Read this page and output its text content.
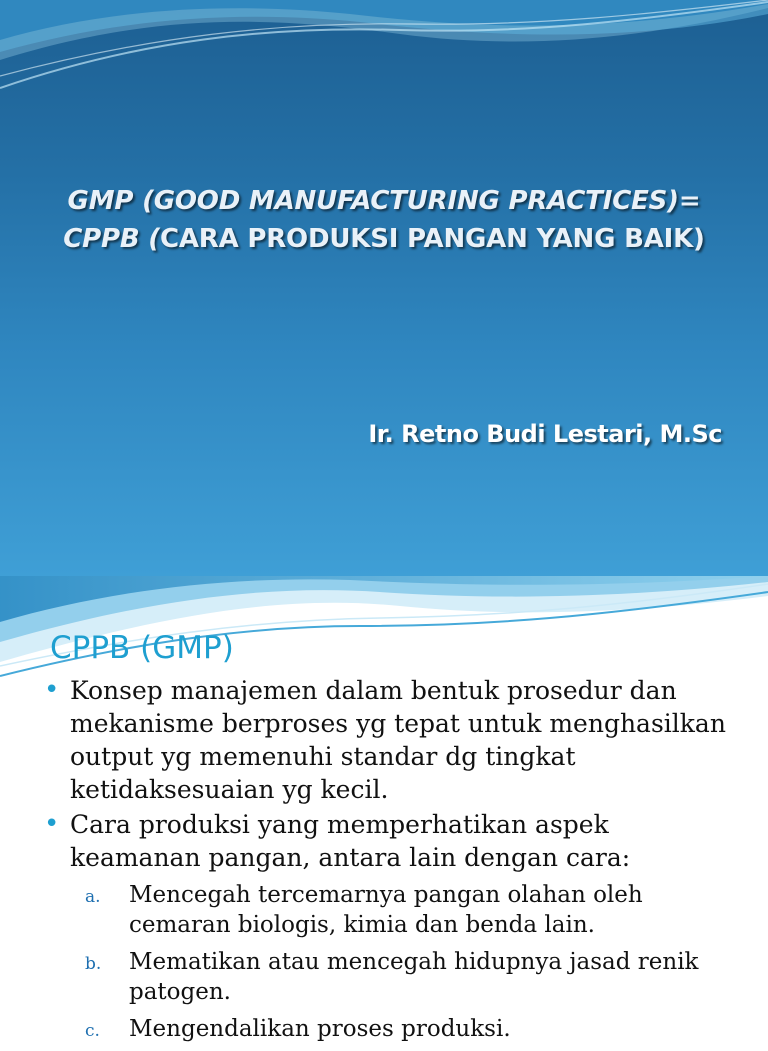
GMP (GOOD MANUFACTURING PRACTICES)=
CPPB (CARA PRODUKSI PANGAN YANG BAIK)
Ir. Retno Budi Lestari, M.Sc
CPPB (GMP)
• Konsep manajemen dalam bentuk prosedur dan mekanisme berproses yg tepat untuk menghasilkan output yg memenuhi standar dg tingkat ketidaksesuaian yg kecil.
• Cara produksi yang memperhatikan aspek keamanan pangan, antara lain dengan cara:
a. Mencegah tercemarnya pangan olahan oleh cemaran biologis, kimia dan benda lain.
b. Mematikan atau mencegah hidupnya jasad renik patogen.
c. Mengendalikan proses produksi.
